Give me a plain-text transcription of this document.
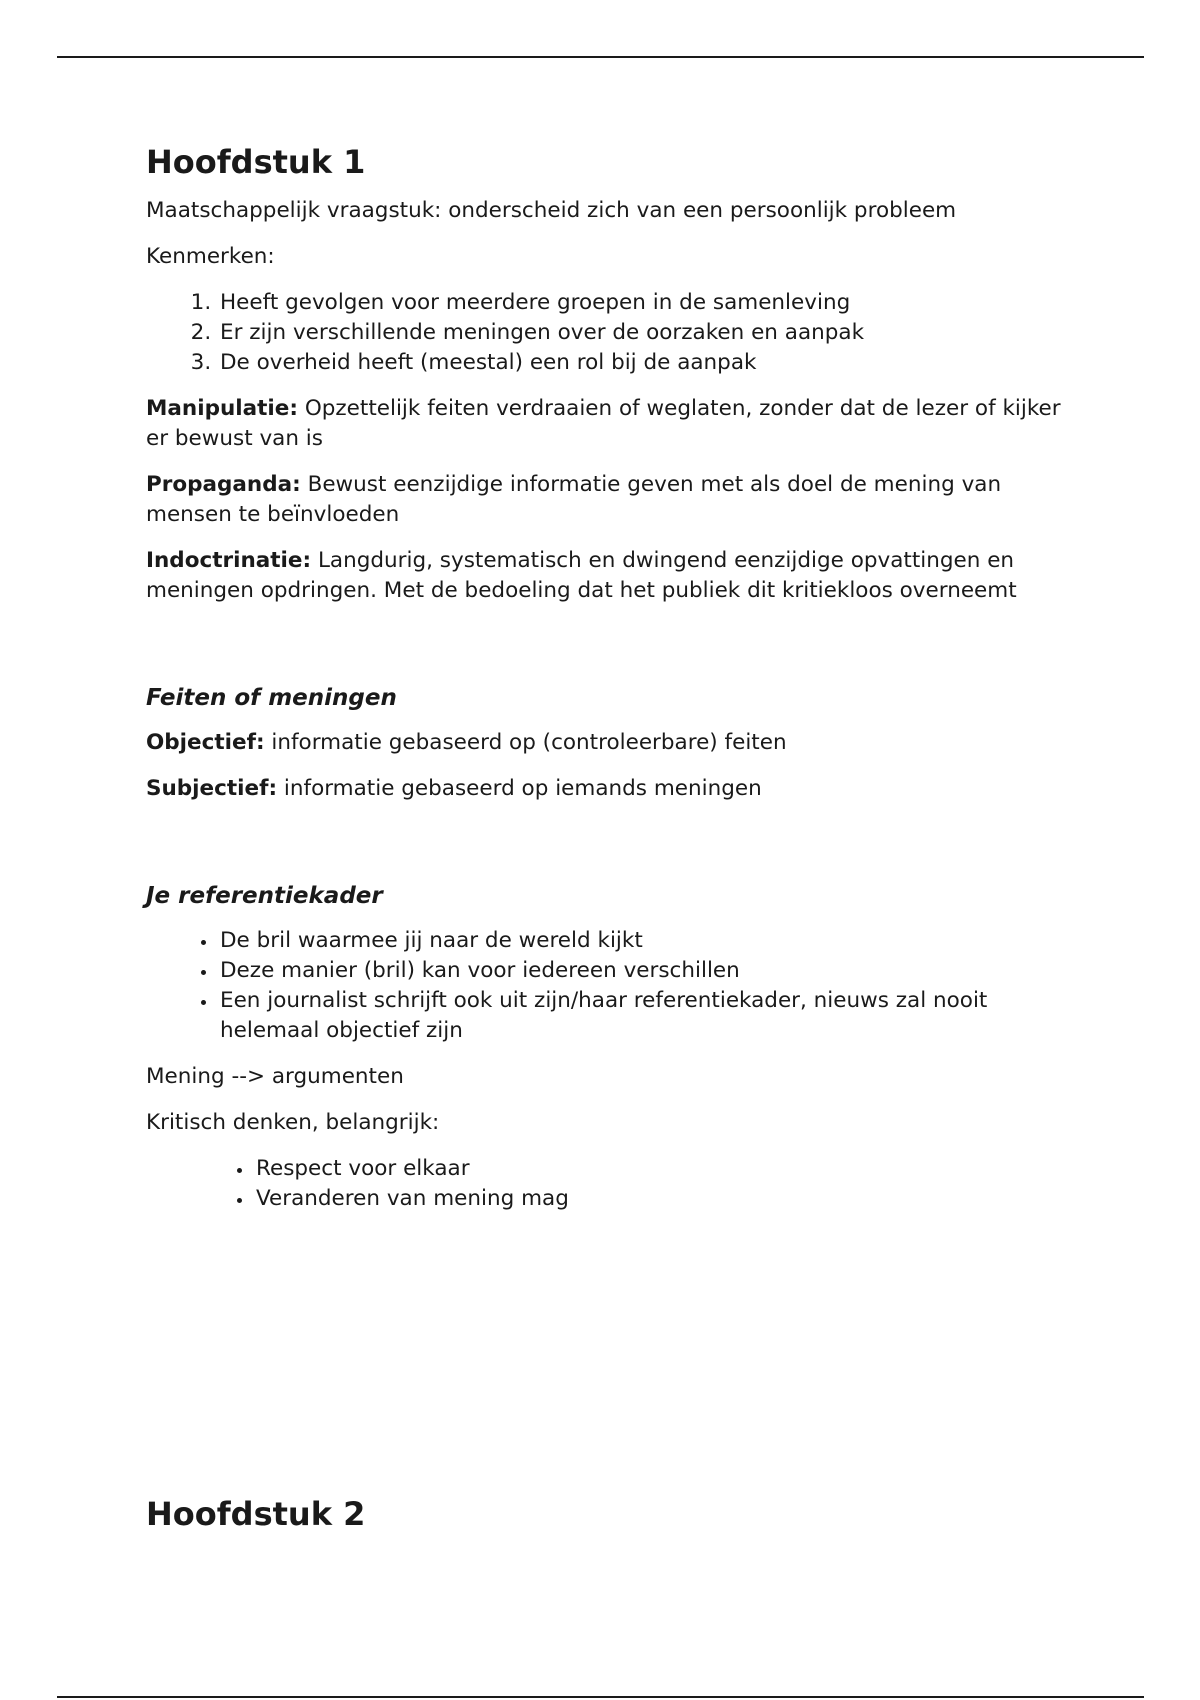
Hoofdstuk 1

Maatschappelijk vraagstuk: onderscheid zich van een persoonlijk probleem

Kenmerken:

1. Heeft gevolgen voor meerdere groepen in de samenleving
2. Er zijn verschillende meningen over de oorzaken en aanpak
3. De overheid heeft (meestal) een rol bij de aanpak

Manipulatie: Opzettelijk feiten verdraaien of weglaten, zonder dat de lezer of kijker er bewust van is

Propaganda: Bewust eenzijdige informatie geven met als doel de mening van mensen te beïnvloeden

Indoctrinatie: Langdurig, systematisch en dwingend eenzijdige opvattingen en meningen opdringen. Met de bedoeling dat het publiek dit kritiekloos overneemt

Feiten of meningen

Objectief: informatie gebaseerd op (controleerbare) feiten

Subjectief: informatie gebaseerd op iemands meningen

Je referentiekader
• De bril waarmee jij naar de wereld kijkt
• Deze manier (bril) kan voor iedereen verschillen
• Een journalist schrijft ook uit zijn/haar referentiekader, nieuws zal nooit helemaal objectief zijn

Mening --> argumenten

Kritisch denken, belangrijk:

• Respect voor elkaar
• Veranderen van mening mag
Hoofdstuk 2
